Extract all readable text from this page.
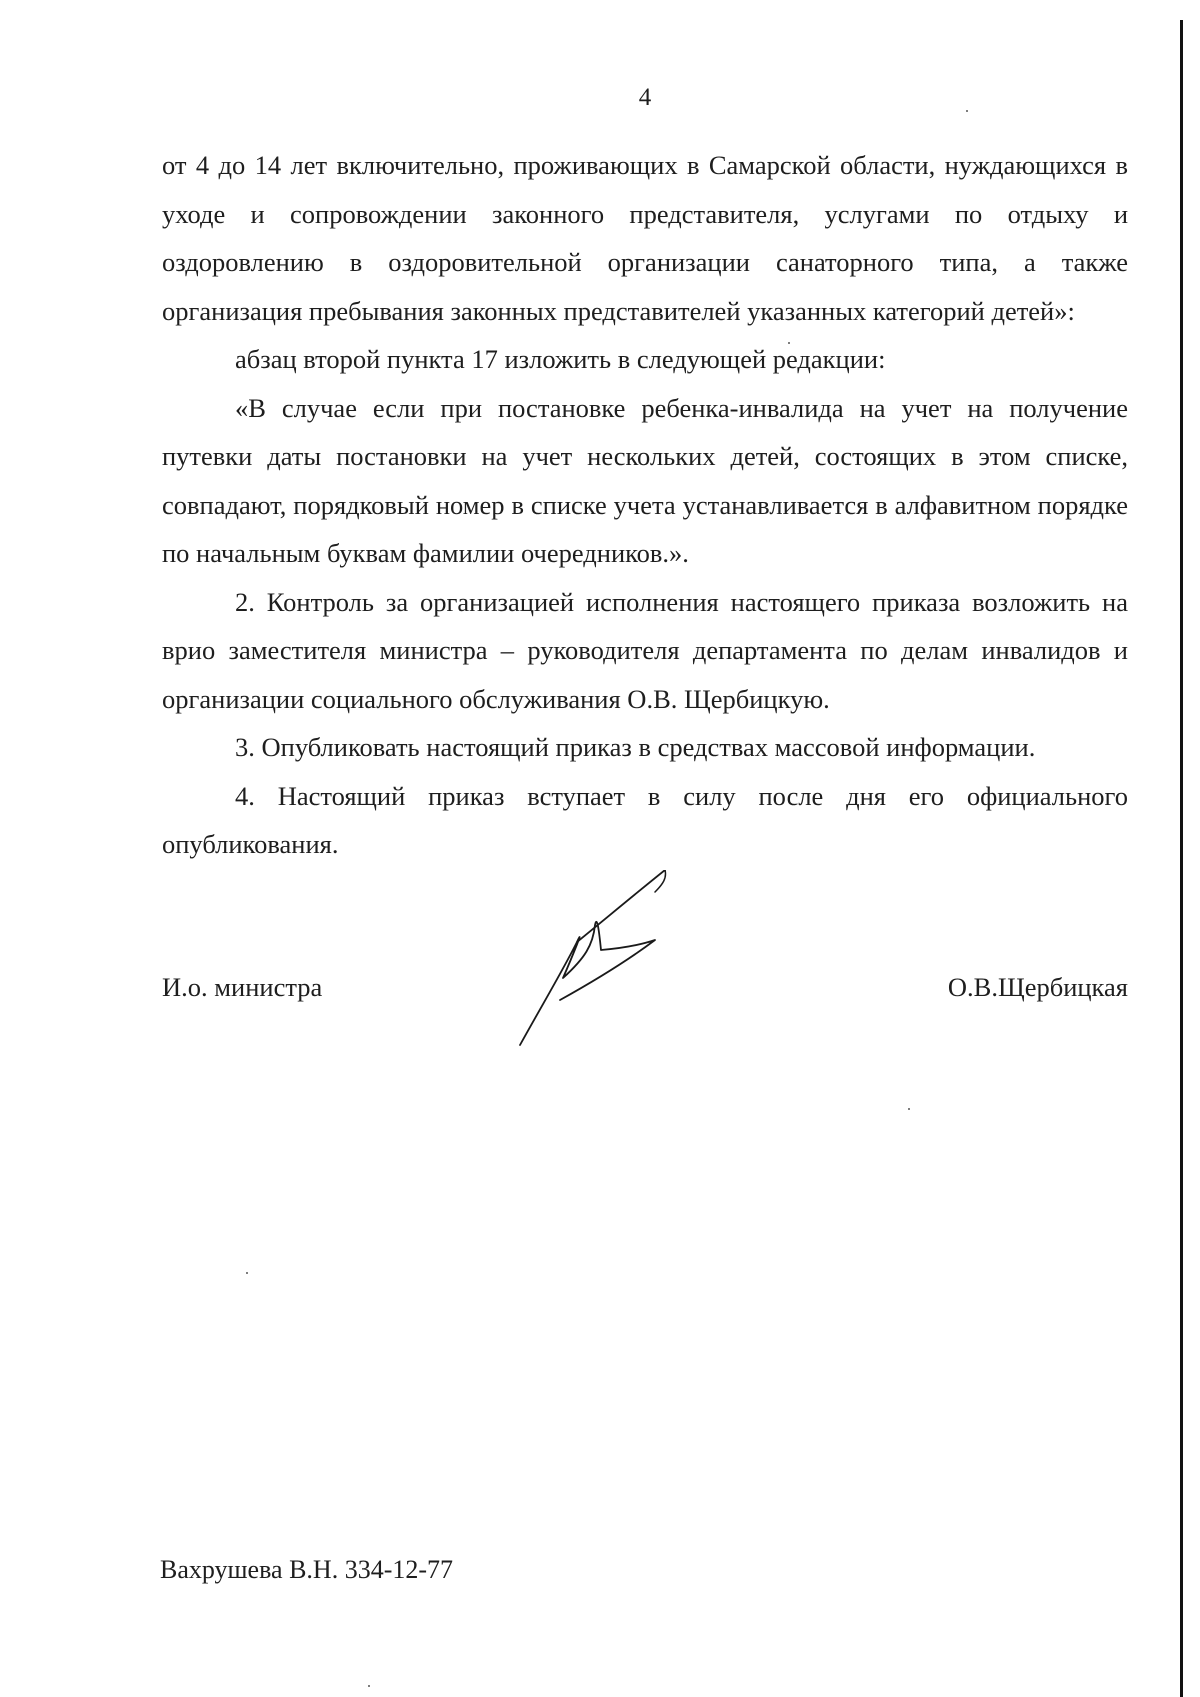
4

от 4 до 14 лет включительно, проживающих в Самарской области, нуждающихся в уходе и сопровождении законного представителя, услугами по отдыху и оздоровлению в оздоровительной организации санаторного типа, а также организация пребывания законных представителей указанных категорий детей»:

абзац второй пункта 17 изложить в следующей редакции:

«В случае если при постановке ребенка-инвалида на учет на получение путевки даты постановки на учет нескольких детей, состоящих в этом списке, совпадают, порядковый номер в списке учета устанавливается в алфавитном порядке по начальным буквам фамилии очередников.».

2. Контроль за организацией исполнения настоящего приказа возложить на врио заместителя министра – руководителя департамента по делам инвалидов и организации социального обслуживания О.В. Щербицкую.

3. Опубликовать настоящий приказ в средствах массовой информации.

4. Настоящий приказ вступает в силу после дня его официального опубликования.

И.о. министра	О.В.Щербицкая
Вахрушева В.Н. 334-12-77
